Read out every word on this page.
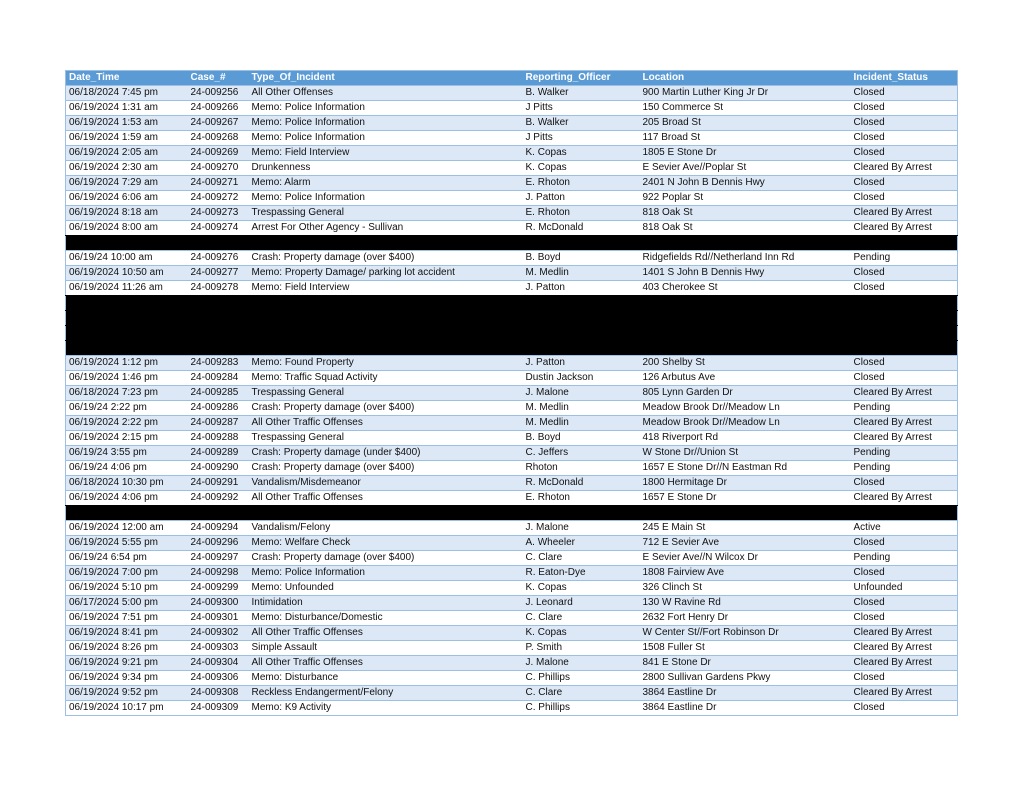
Date_Time	Case_#	Type_Of_Incident	Reporting_Officer	Location	Incident_Status
06/18/2024 7:45 pm	24-009256	All Other Offenses	B. Walker	900 Martin Luther King Jr Dr	Closed
06/19/2024 1:31 am	24-009266	Memo: Police Information	J Pitts	150 Commerce St	Closed
06/19/2024 1:53 am	24-009267	Memo: Police Information	B. Walker	205 Broad St	Closed
06/19/2024 1:59 am	24-009268	Memo: Police Information	J Pitts	117 Broad St	Closed
06/19/2024 2:05 am	24-009269	Memo: Field Interview	K. Copas	1805 E Stone Dr	Closed
06/19/2024 2:30 am	24-009270	Drunkenness	K. Copas	E Sevier Ave//Poplar St	Cleared By Arrest
06/19/2024 7:29 am	24-009271	Memo: Alarm	E. Rhoton	2401 N John B Dennis Hwy	Closed
06/19/2024 6:06 am	24-009272	Memo: Police Information	J. Patton	922 Poplar St	Closed
06/19/2024 8:18 am	24-009273	Trespassing General	E. Rhoton	818 Oak St	Cleared By Arrest
06/19/2024 8:00 am	24-009274	Arrest For Other Agency - Sullivan	R. McDonald	818 Oak St	Cleared By Arrest

06/19/24 10:00 am	24-009276	Crash: Property damage (over $400)	B. Boyd	Ridgefields Rd//Netherland Inn Rd	Pending
06/19/2024 10:50 am	24-009277	Memo: Property Damage/ parking lot accident	M. Medlin	1401 S John B Dennis Hwy	Closed
06/19/2024 11:26 am	24-009278	Memo: Field Interview	J. Patton	403 Cherokee St	Closed

06/19/2024 1:12 pm	24-009283	Memo: Found Property	J. Patton	200 Shelby St	Closed
06/19/2024 1:46 pm	24-009284	Memo: Traffic Squad Activity	Dustin Jackson	126 Arbutus Ave	Closed
06/18/2024 7:23 pm	24-009285	Trespassing General	J. Malone	805 Lynn Garden Dr	Cleared By Arrest
06/19/24 2:22 pm	24-009286	Crash: Property damage (over $400)	M. Medlin	Meadow Brook Dr//Meadow Ln	Pending
06/19/2024 2:22 pm	24-009287	All Other Traffic Offenses	M. Medlin	Meadow Brook Dr//Meadow Ln	Cleared By Arrest
06/19/2024 2:15 pm	24-009288	Trespassing General	B. Boyd	418 Riverport Rd	Cleared By Arrest
06/19/24 3:55 pm	24-009289	Crash: Property damage (under $400)	C. Jeffers	W Stone Dr//Union St	Pending
06/19/24 4:06 pm	24-009290	Crash: Property damage (over $400)	Rhoton	1657 E Stone Dr//N Eastman Rd	Pending
06/18/2024 10:30 pm	24-009291	Vandalism/Misdemeanor	R. McDonald	1800 Hermitage Dr	Closed
06/19/2024 4:06 pm	24-009292	All Other Traffic Offenses	E. Rhoton	1657 E Stone Dr	Cleared By Arrest

06/19/2024 12:00 am	24-009294	Vandalism/Felony	J. Malone	245 E Main St	Active
06/19/2024 5:55 pm	24-009296	Memo: Welfare Check	A. Wheeler	712 E Sevier Ave	Closed
06/19/24 6:54 pm	24-009297	Crash: Property damage (over $400)	C. Clare	E Sevier Ave//N Wilcox Dr	Pending
06/19/2024 7:00 pm	24-009298	Memo: Police Information	R. Eaton-Dye	1808 Fairview Ave	Closed
06/19/2024 5:10 pm	24-009299	Memo: Unfounded	K. Copas	326 Clinch St	Unfounded
06/17/2024 5:00 pm	24-009300	Intimidation	J. Leonard	130 W Ravine Rd	Closed
06/19/2024 7:51 pm	24-009301	Memo: Disturbance/Domestic	C. Clare	2632 Fort Henry Dr	Closed
06/19/2024 8:41 pm	24-009302	All Other Traffic Offenses	K. Copas	W Center St//Fort Robinson Dr	Cleared By Arrest
06/19/2024 8:26 pm	24-009303	Simple Assault	P. Smith	1508 Fuller St	Cleared By Arrest
06/19/2024 9:21 pm	24-009304	All Other Traffic Offenses	J. Malone	841 E Stone Dr	Cleared By Arrest
06/19/2024 9:34 pm	24-009306	Memo: Disturbance	C. Phillips	2800 Sullivan Gardens Pkwy	Closed
06/19/2024 9:52 pm	24-009308	Reckless Endangerment/Felony	C. Clare	3864 Eastline Dr	Cleared By Arrest
06/19/2024 10:17 pm	24-009309	Memo: K9 Activity	C. Phillips	3864 Eastline Dr	Closed
